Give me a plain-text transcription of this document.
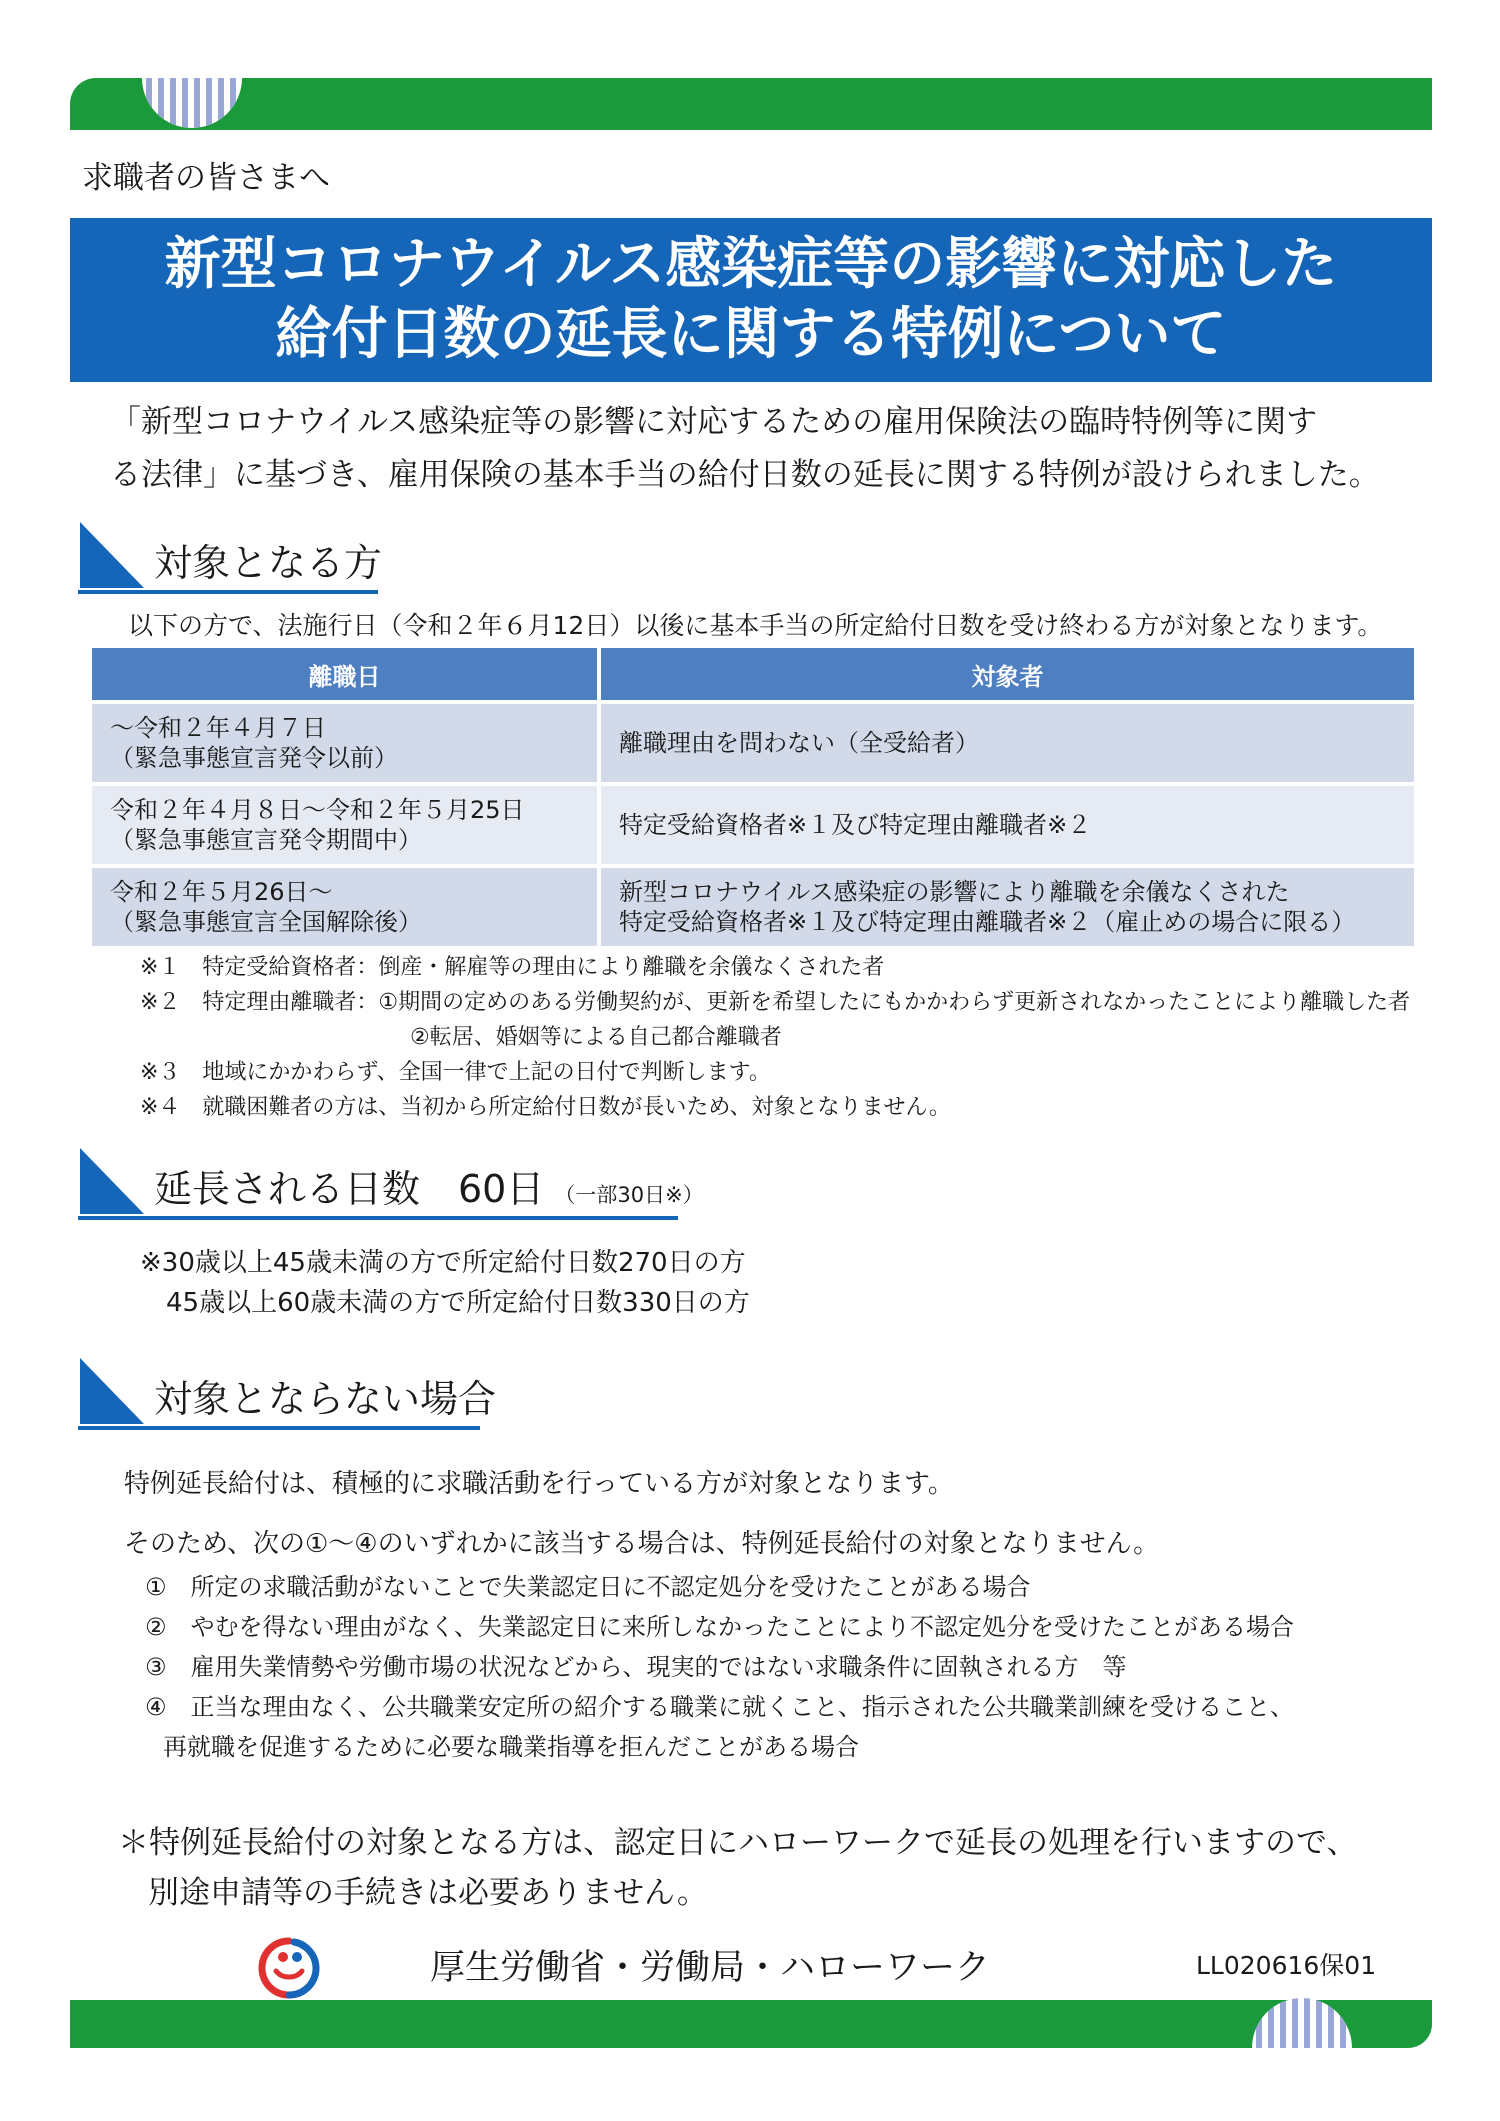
求職者の皆さまへ
新型コロナウイルス感染症等の影響に対応した
給付日数の延長に関する特例について
「新型コロナウイルス感染症等の影響に対応するための雇用保険法の臨時特例等に関す
る法律」に基づき、雇用保険の基本手当の給付日数の延長に関する特例が設けられました。
対象となる方
以下の方で、法施行日（令和２年６月12日）以後に基本手当の所定給付日数を受け終わる方が対象となります。
離職日	対象者
～令和２年４月７日
（緊急事態宣言発令以前）
離職理由を問わない（全受給者）
令和２年４月８日～令和２年５月25日
（緊急事態宣言発令期間中）
特定受給資格者※１及び特定理由離職者※２
令和２年５月26日～
（緊急事態宣言全国解除後）
新型コロナウイルス感染症の影響により離職を余儀なくされた
特定受給資格者※１及び特定理由離職者※２（雇止めの場合に限る）
※１　特定受給資格者：倒産・解雇等の理由により離職を余儀なくされた者
※２　特定理由離職者：①期間の定めのある労働契約が、更新を希望したにもかかわらず更新されなかったことにより離職した者
②転居、婚姻等による自己都合離職者
※３　地域にかかわらず、全国一律で上記の日付で判断します。
※４　就職困難者の方は、当初から所定給付日数が長いため、対象となりません。
延長される日数　60日 （一部30日※）
※30歳以上45歳未満の方で所定給付日数270日の方
45歳以上60歳未満の方で所定給付日数330日の方
対象とならない場合
特例延長給付は、積極的に求職活動を行っている方が対象となります。
そのため、次の①～④のいずれかに該当する場合は、特例延長給付の対象となりません。
①　所定の求職活動がないことで失業認定日に不認定処分を受けたことがある場合
②　やむを得ない理由がなく、失業認定日に来所しなかったことにより不認定処分を受けたことがある場合
③　雇用失業情勢や労働市場の状況などから、現実的ではない求職条件に固執される方　等
④　正当な理由なく、公共職業安定所の紹介する職業に就くこと、指示された公共職業訓練を受けること、
再就職を促進するために必要な職業指導を拒んだことがある場合
＊特例延長給付の対象となる方は、認定日にハローワークで延長の処理を行いますので、
別途申請等の手続きは必要ありません。
厚生労働省・労働局・ハローワーク	LL020616保01
